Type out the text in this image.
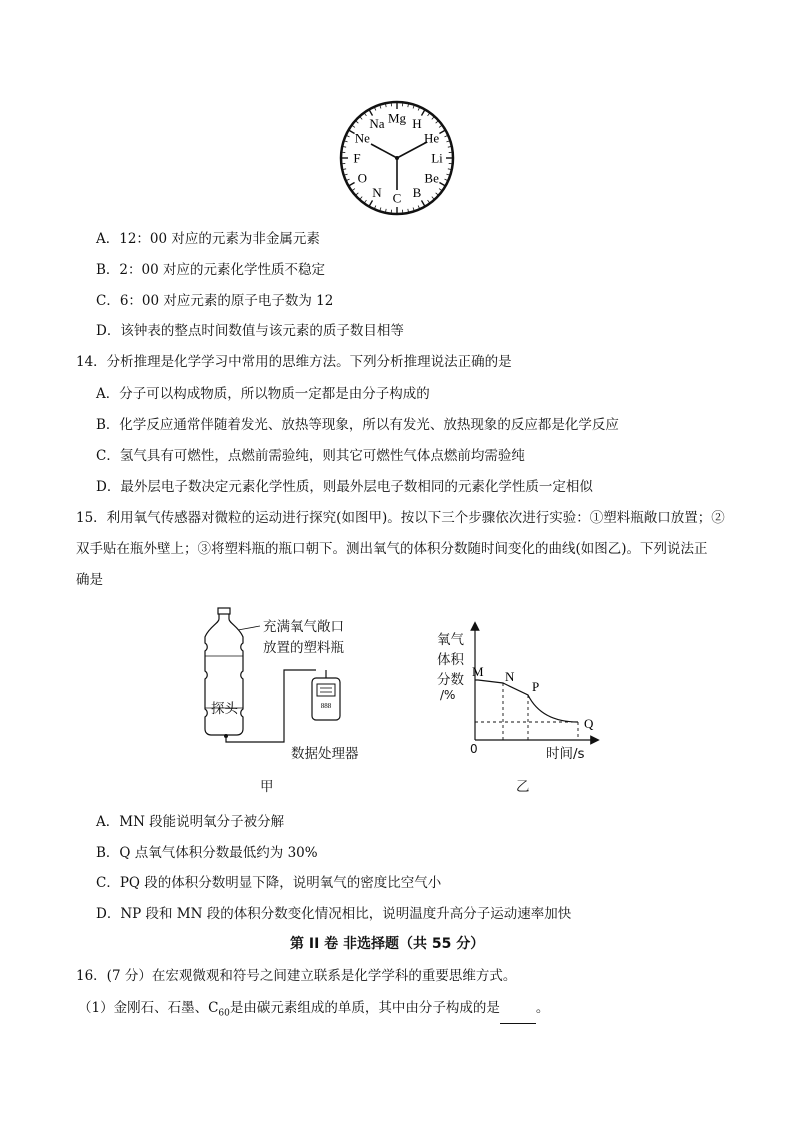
H
He
Li
Be
B
C
N
O
F
Ne
Na Mg
A．12：00 对应的元素为非金属元素
B．2：00 对应的元素化学性质不稳定
C．6：00 对应元素的原子电子数为 12
D．该钟表的整点时间数值与该元素的质子数目相等
14．分析推理是化学学习中常用的思维方法。下列分析推理说法正确的是
A．分子可以构成物质，所以物质一定都是由分子构成的
B．化学反应通常伴随着发光、放热等现象，所以有发光、放热现象的反应都是化学反应
C．氢气具有可燃性，点燃前需验纯，则其它可燃性气体点燃前均需验纯
D．最外层电子数决定元素化学性质，则最外层电子数相同的元素化学性质一定相似
15．利用氧气传感器对微粒的运动进行探究(如图甲)。按以下三个步骤依次进行实验：①塑料瓶敞口放置；②
双手贴在瓶外壁上；③将塑料瓶的瓶口朝下。测出氧气的体积分数随时间变化的曲线(如图乙)。下列说法正
确是
888
充满氧气敞口
放置的塑料瓶
探头
数据处理器
甲
M N
P
Q
氧气
体积
分数
/%
0	时间/s
乙
A．MN 段能说明氧分子被分解
B．Q 点氧气体积分数最低约为 30%
C．PQ 段的体积分数明显下降，说明氧气的密度比空气小
D．NP 段和 MN 段的体积分数变化情况相比，说明温度升高分子运动速率加快
第 II 卷 非选择题（共 55 分）
16．(7 分）在宏观微观和符号之间建立联系是化学学科的重要思维方式。
（1）金刚石、石墨、$C_{60}$是由碳元素组成的单质，其中由分子构成的是	。
